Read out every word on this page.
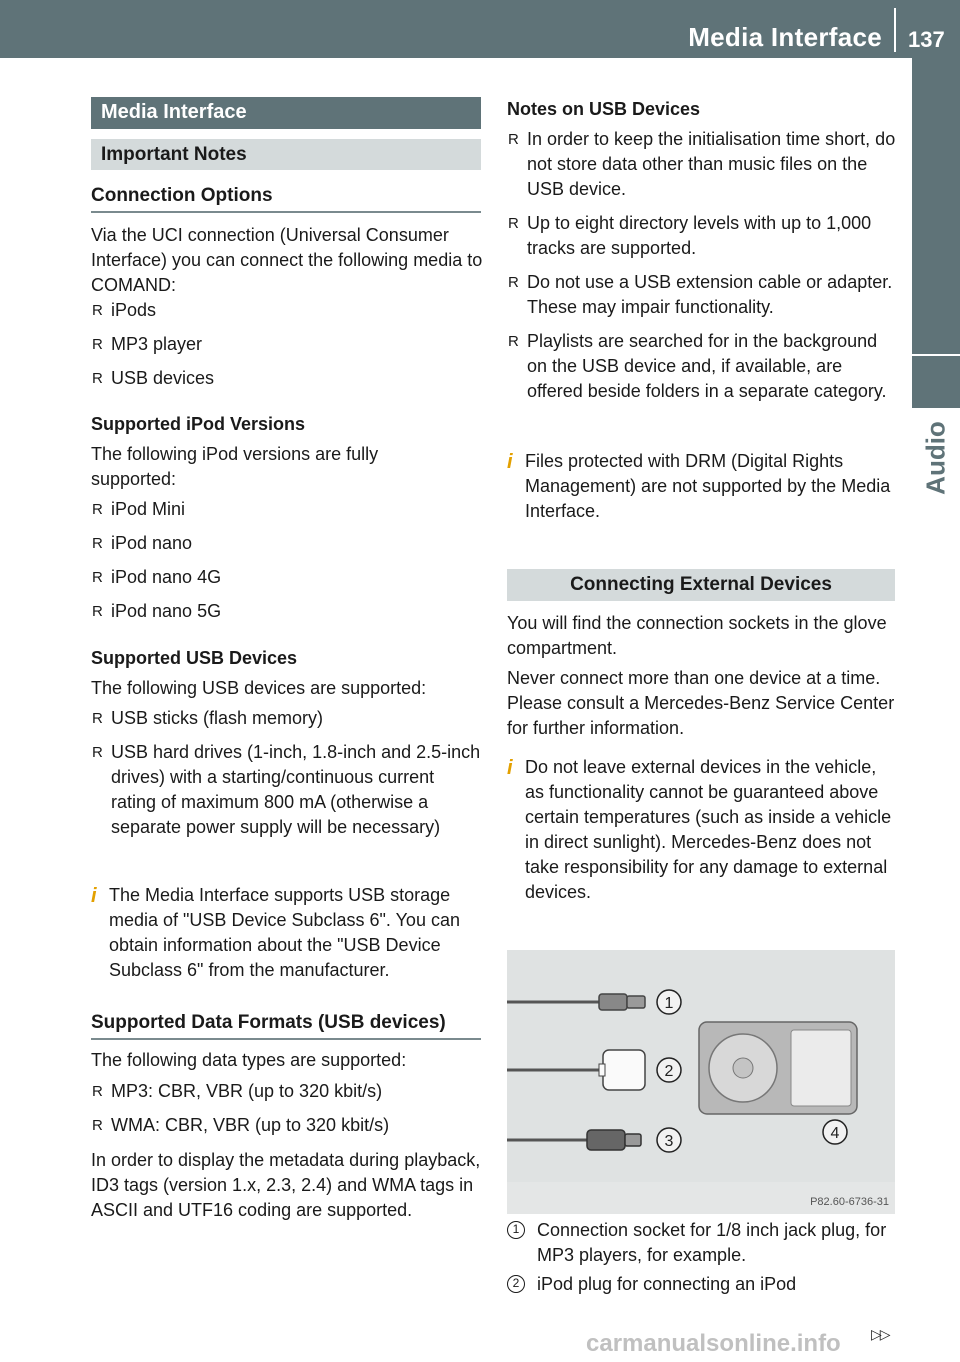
Media Interface 137
Audio
Media Interface
Important Notes
Connection Options
Via the UCI connection (Universal Consumer Interface) you can connect the following media to COMAND:
R iPods
R MP3 player
R USB devices
Supported iPod Versions
The following iPod versions are fully supported:
R iPod Mini
R iPod nano
R iPod nano 4G
R iPod nano 5G
Supported USB Devices
The following USB devices are supported:
R USB sticks (flash memory)
R USB hard drives (1-inch, 1.8-inch and 2.5-inch drives) with a starting/continuous current rating of maximum 800 mA (otherwise a separate power supply will be necessary)
i The Media Interface supports USB storage media of "USB Device Subclass 6". You can obtain information about the "USB Device Subclass 6" from the manufacturer.
Supported Data Formats (USB devices)
The following data types are supported:
R MP3: CBR, VBR (up to 320 kbit/s)
R WMA: CBR, VBR (up to 320 kbit/s)
In order to display the metadata during playback, ID3 tags (version 1.x, 2.3, 2.4) and WMA tags in ASCII and UTF16 coding are supported.
Notes on USB Devices
R In order to keep the initialisation time short, do not store data other than music files on the USB device.
R Up to eight directory levels with up to 1,000 tracks are supported.
R Do not use a USB extension cable or adapter. These may impair functionality.
R Playlists are searched for in the background on the USB device and, if available, are offered beside folders in a separate category.
i Files protected with DRM (Digital Rights Management) are not supported by the Media Interface.
Connecting External Devices
You will find the connection sockets in the glove compartment.
Never connect more than one device at a time. Please consult a Mercedes-Benz Service Center for further information.
i Do not leave external devices in the vehicle, as functionality cannot be guaranteed above certain temperatures (such as inside a vehicle in direct sunlight). Mercedes-Benz does not take responsibility for any damage to external devices.
1
2
3	4
P82.60-6736-31
1 Connection socket for 1/8 inch jack plug, for MP3 players, for example.
2 iPod plug for connecting an iPod
▷▷
carmanualsonline.info
